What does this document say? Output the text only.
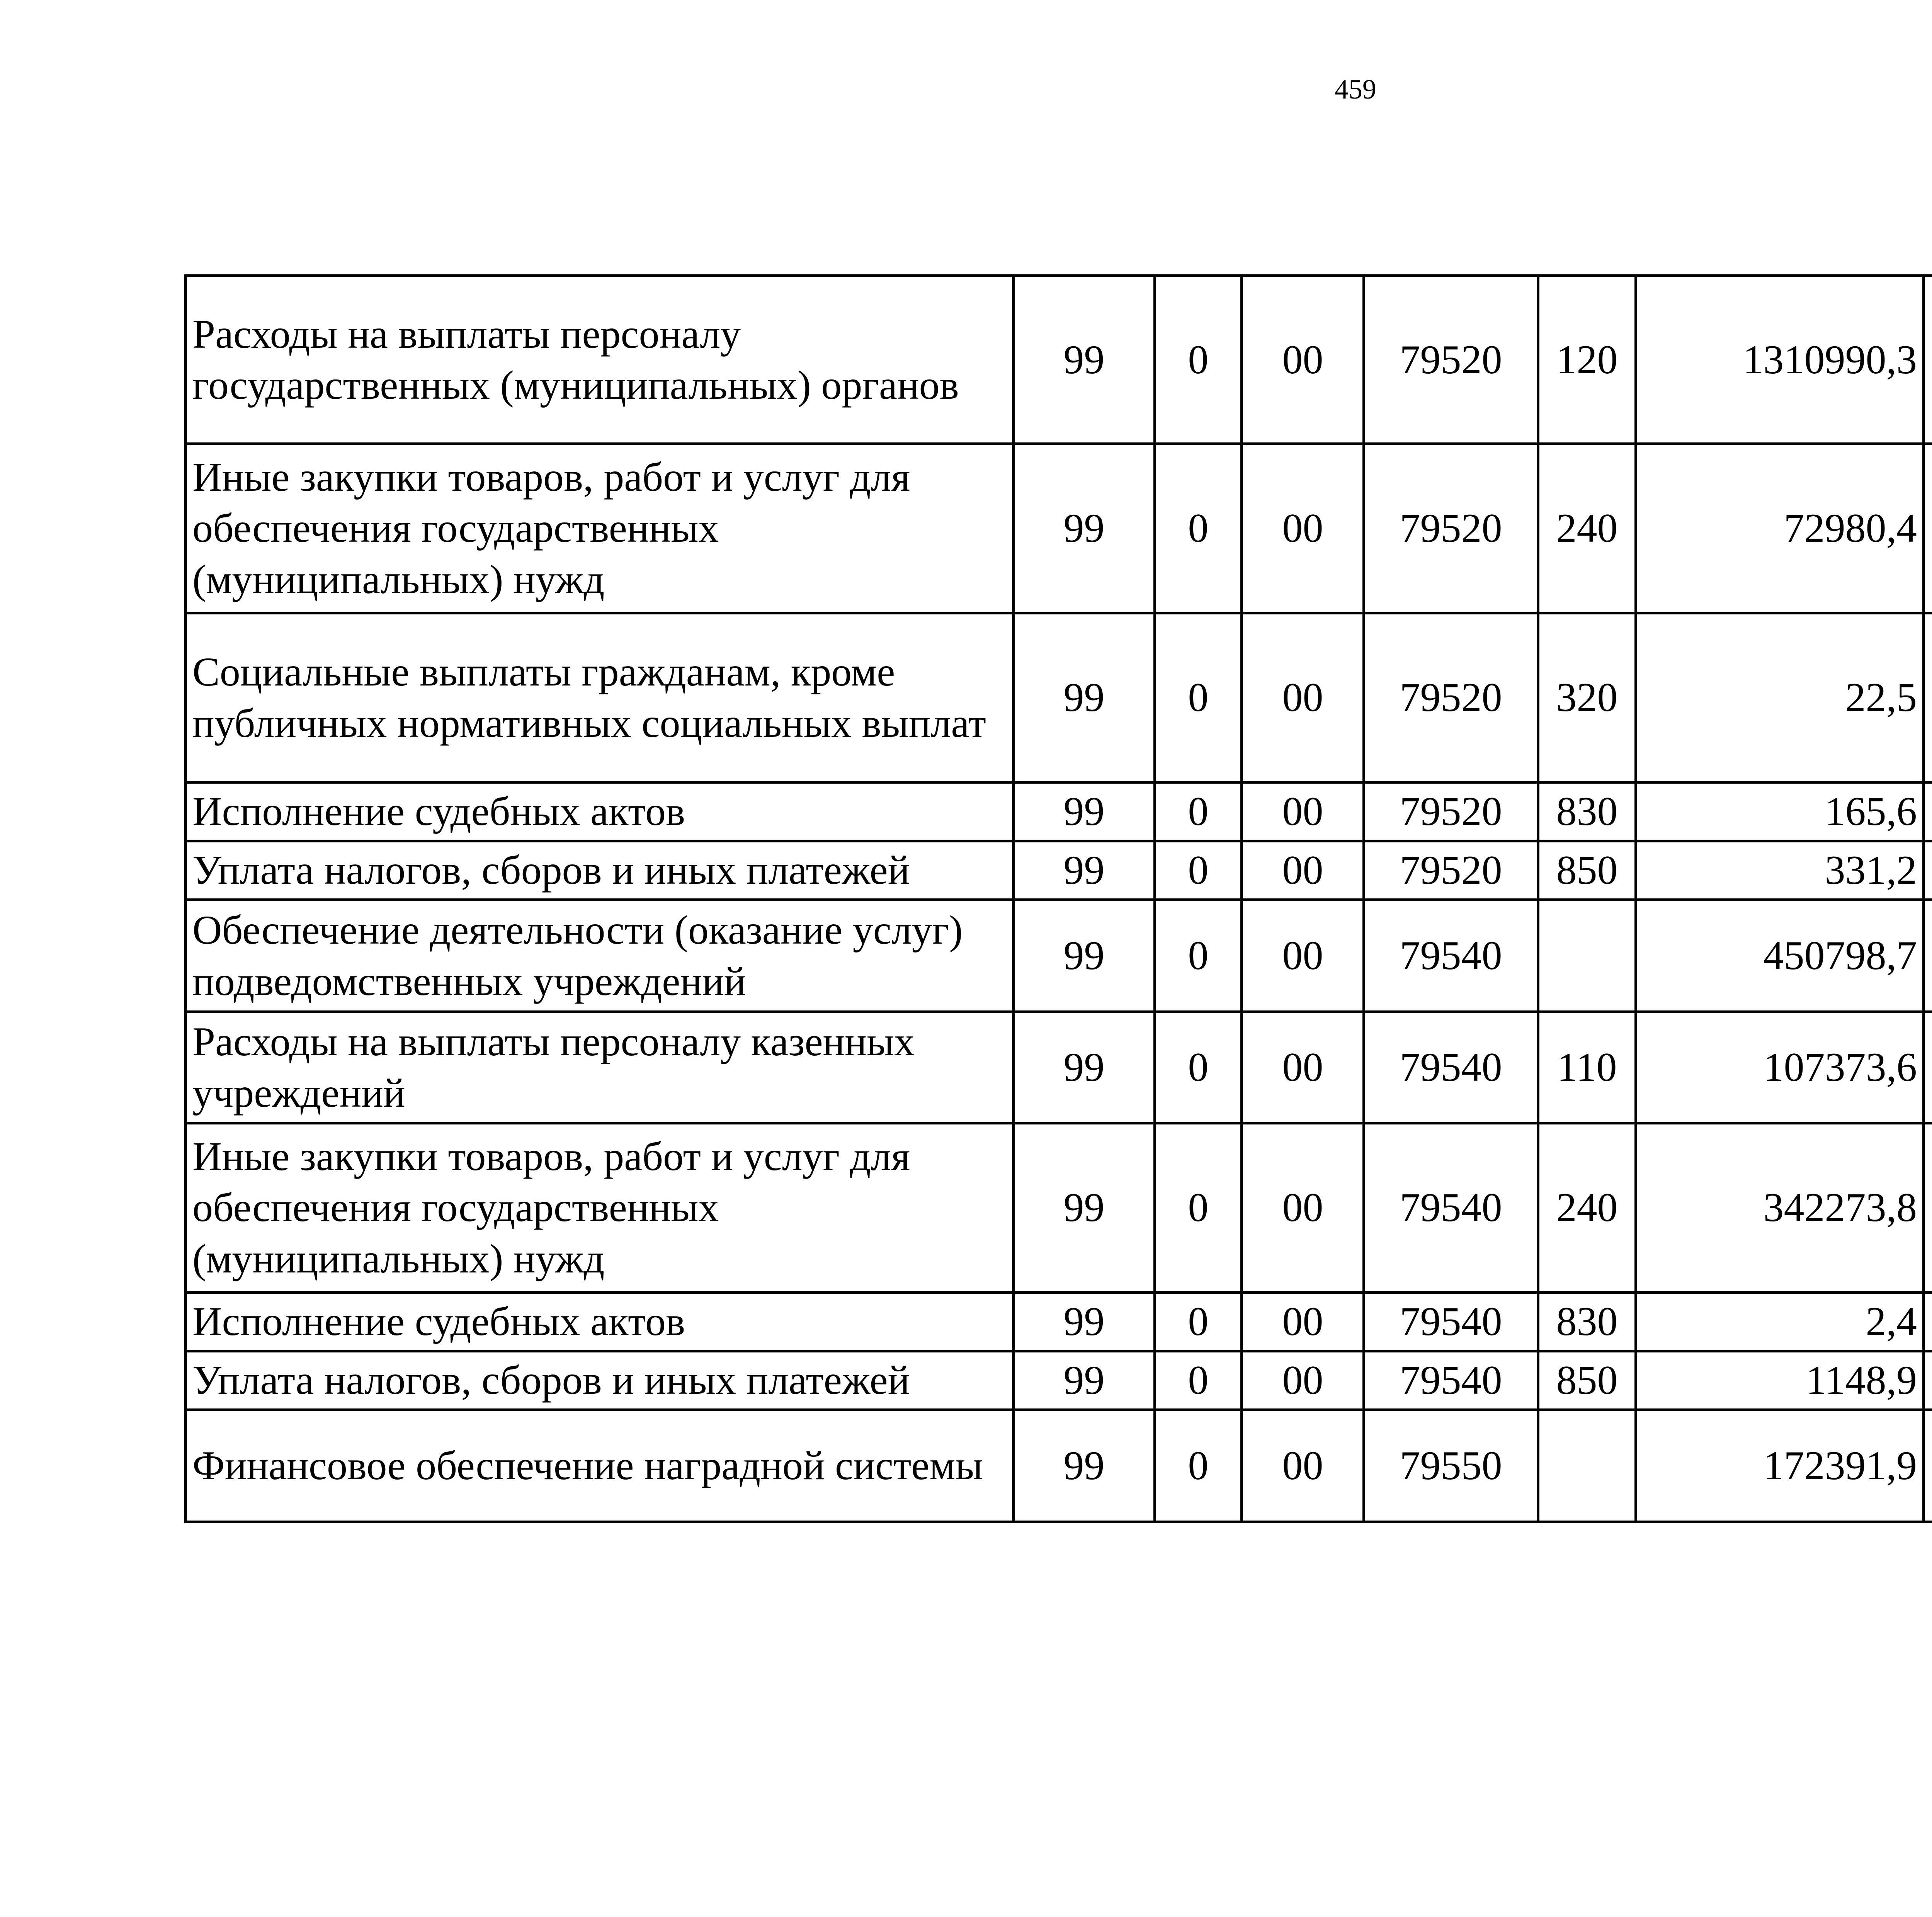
459
Расходы на выплаты персоналу государственных (муниципальных) органов	99	0	00	79520	120	1310990,3		
Иные закупки товаров, работ и услуг для обеспечения государственных (муниципальных) нужд	99	0	00	79520	240	72980,4		
Социальные выплаты гражданам, кроме публичных нормативных социальных выплат	99	0	00	79520	320	22,5		
Исполнение судебных актов	99	0	00	79520	830	165,6		
Уплата налогов, сборов и иных платежей	99	0	00	79520	850	331,2		
Обеспечение деятельности (оказание услуг) подведомственных учреждений	99	0	00	79540		450798,7		
Расходы на выплаты персоналу казенных учреждений	99	0	00	79540	110	107373,6		
Иные закупки товаров, работ и услуг для обеспечения государственных (муниципальных) нужд	99	0	00	79540	240	342273,8		
Исполнение судебных актов	99	0	00	79540	830	2,4		
Уплата налогов, сборов и иных платежей	99	0	00	79540	850	1148,9		
Финансовое обеспечение наградной системы	99	0	00	79550		172391,9		
